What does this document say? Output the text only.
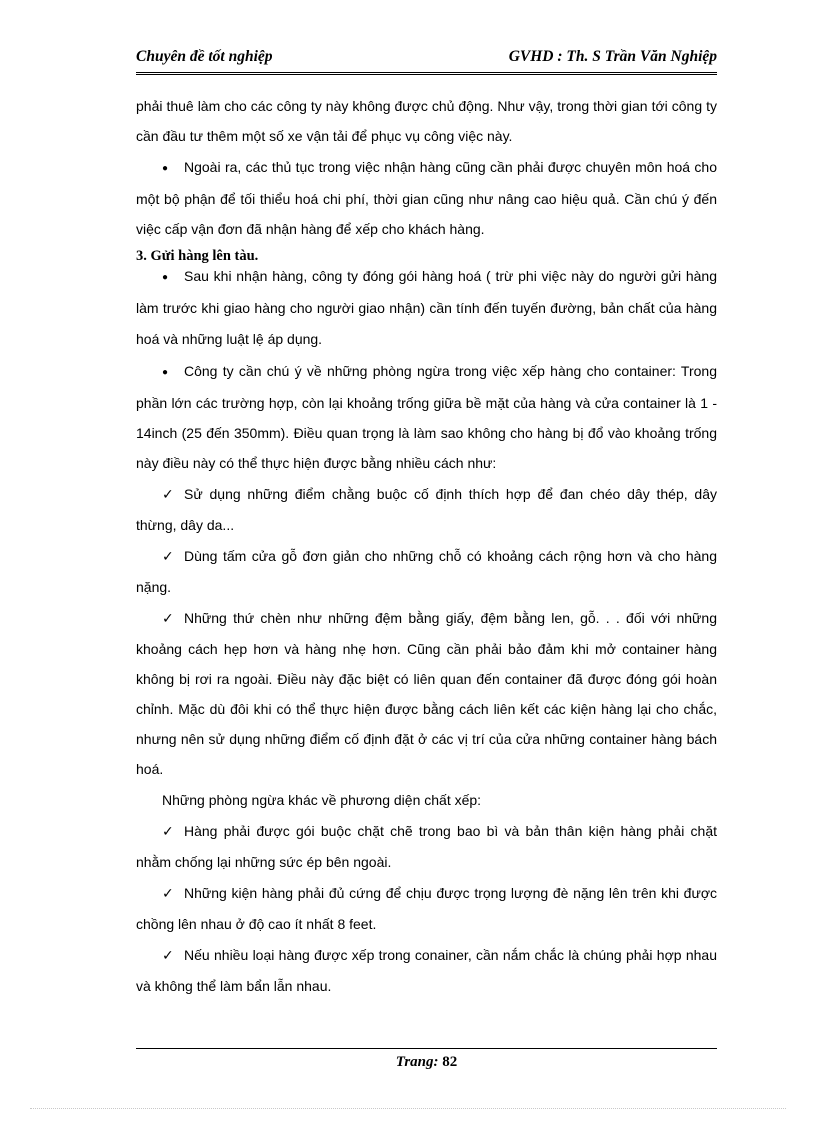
Chuyên đề tốt nghiệp	GVHD : Th. S Trần Văn Nghiệp

phải thuê làm cho các công ty này không được chủ động. Như vậy, trong thời gian tới công ty cần đầu tư thêm một số xe vận tải để phục vụ công việc này.

● Ngoài ra, các thủ tục trong việc nhận hàng cũng cần phải được chuyên môn hoá cho một bộ phận để tối thiểu hoá chi phí, thời gian cũng như nâng cao hiệu quả. Cần chú ý đến việc cấp vận đơn đã nhận hàng để xếp cho khách hàng.

3. Gửi hàng lên tàu.

● Sau khi nhận hàng, công ty đóng gói hàng hoá ( trừ phi việc này do người gửi hàng làm trước khi giao hàng cho người giao nhận) cần tính đến tuyến đường, bản chất của hàng hoá và những luật lệ áp dụng.

● Công ty cần chú ý về những phòng ngừa trong việc xếp hàng cho container: Trong phần lớn các trường hợp, còn lại khoảng trống giữa bề mặt của hàng và cửa container là 1 - 14inch (25 đến 350mm). Điều quan trọng là làm sao không cho hàng bị đổ vào khoảng trống này điều này có thể thực hiện được bằng nhiều cách như:

✓ Sử dụng những điểm chằng buộc cố định thích hợp để đan chéo dây thép, dây thừng, dây da...

✓ Dùng tấm cửa gỗ đơn giản cho những chỗ có khoảng cách rộng hơn và cho hàng nặng.

✓ Những thứ chèn như những đệm bằng giấy, đệm bằng len, gỗ. . . đối với những khoảng cách hẹp hơn và hàng nhẹ hơn. Cũng cần phải bảo đảm khi mở container hàng không bị rơi ra ngoài. Điều này đặc biệt có liên quan đến container đã được đóng gói hoàn chỉnh. Mặc dù đôi khi có thể thực hiện được bằng cách liên kết các kiện hàng lại cho chắc, nhưng nên sử dụng những điểm cố định đặt ở các vị trí của cửa những container hàng bách hoá.

Những phòng ngừa khác về phương diện chất xếp:

✓ Hàng phải được gói buộc chặt chẽ trong bao bì và bản thân kiện hàng phải chặt nhằm chống lại những sức ép bên ngoài.

✓ Những kiện hàng phải đủ cứng để chịu được trọng lượng đè nặng lên trên khi được chồng lên nhau ở độ cao ít nhất 8 feet.

✓ Nếu nhiều loại hàng được xếp trong conainer, cần nắm chắc là chúng phải hợp nhau và không thể làm bẩn lẫn nhau.

Trang: 82
